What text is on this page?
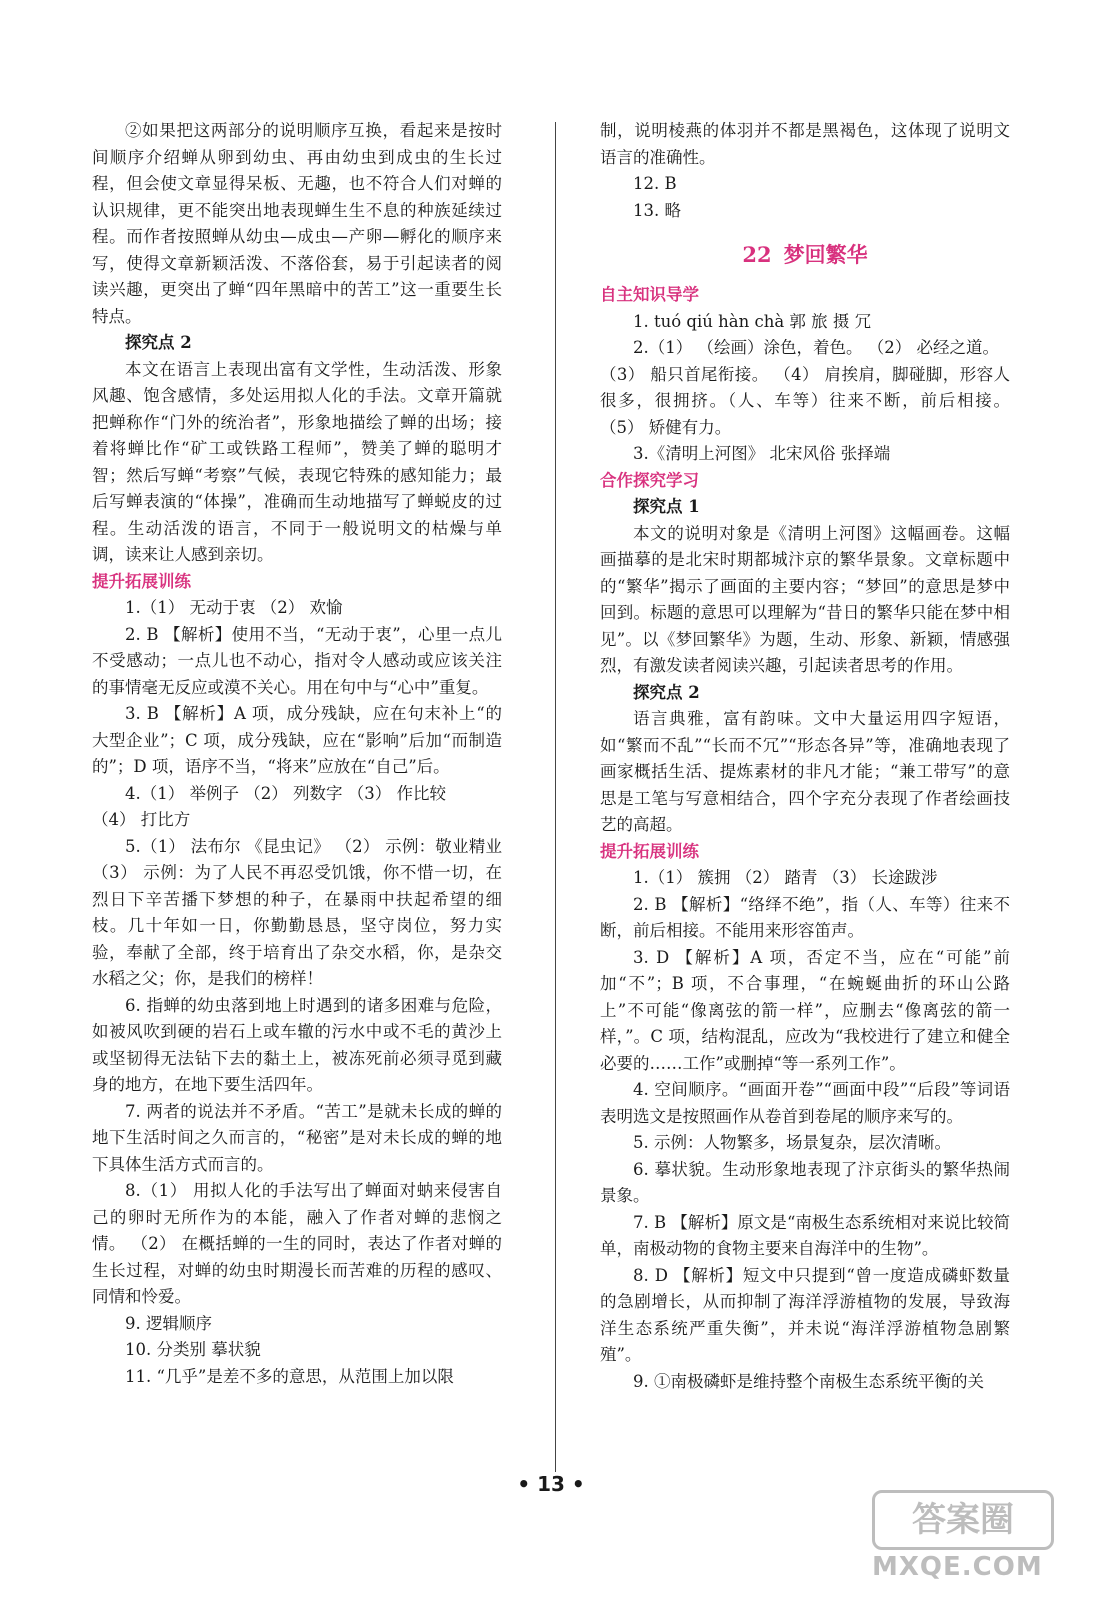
②如果把这两部分的说明顺序互换，看起来是按时间顺序介绍蝉从卵到幼虫、再由幼虫到成虫的生长过程，但会使文章显得呆板、无趣，也不符合人们对蝉的认识规律，更不能突出地表现蝉生生不息的种族延续过程。而作者按照蝉从幼虫—成虫—产卵—孵化的顺序来写，使得文章新颖活泼、不落俗套，易于引起读者的阅读兴趣，更突出了蝉“四年黑暗中的苦工”这一重要生长特点。

探究点 2

本文在语言上表现出富有文学性，生动活泼、形象风趣、饱含感情，多处运用拟人化的手法。文章开篇就把蝉称作“门外的统治者”，形象地描绘了蝉的出场；接着将蝉比作“矿工或铁路工程师”，赞美了蝉的聪明才智；然后写蝉“考察”气候，表现它特殊的感知能力；最后写蝉表演的“体操”，准确而生动地描写了蝉蜕皮的过程。生动活泼的语言，不同于一般说明文的枯燥与单调，读来让人感到亲切。

提升拓展训练

1.（1） 无动于衷 （2） 欢愉

2. B 【解析】使用不当，“无动于衷”，心里一点儿不受感动；一点儿也不动心，指对令人感动或应该关注的事情毫无反应或漠不关心。用在句中与“心中”重复。

3. B 【解析】A 项，成分残缺，应在句末补上“的大型企业”；C 项，成分残缺，应在“影响”后加“而制造的”；D 项，语序不当，“将来”应放在“自己”后。

4.（1） 举例子 （2） 列数字 （3） 作比较

（4） 打比方

5.（1） 法布尔 《昆虫记》 （2） 示例：敬业精业 （3） 示例：为了人民不再忍受饥饿，你不惜一切，在烈日下辛苦播下梦想的种子，在暴雨中扶起希望的细枝。几十年如一日，你勤勤恳恳，坚守岗位，努力实验，奉献了全部，终于培育出了杂交水稻，你，是杂交水稻之父；你，是我们的榜样！

6. 指蝉的幼虫落到地上时遇到的诸多困难与危险，如被风吹到硬的岩石上或车辙的污水中或不毛的黄沙上或坚韧得无法钻下去的黏土上，被冻死前必须寻觅到藏身的地方，在地下要生活四年。

7. 两者的说法并不矛盾。“苦工”是就未长成的蝉的地下生活时间之久而言的，“秘密”是对未长成的蝉的地下具体生活方式而言的。

8.（1） 用拟人化的手法写出了蝉面对蚋来侵害自己的卵时无所作为的本能，融入了作者对蝉的悲悯之情。 （2） 在概括蝉的一生的同时，表达了作者对蝉的生长过程，对蝉的幼虫时期漫长而苦难的历程的感叹、同情和怜爱。

9. 逻辑顺序

10. 分类别 摹状貌

11. “几乎”是差不多的意思，从范围上加以限

制，说明棱燕的体羽并不都是黑褐色，这体现了说明文语言的准确性。

12. B

13. 略

22 梦回繁华

自主知识导学

1. tuó qiú hàn chà 郭 旅 摄 冗

2.（1） （绘画）涂色，着色。 （2） 必经之道。

（3） 船只首尾衔接。 （4） 肩挨肩，脚碰脚，形容人很多，很拥挤。（人、车等）往来不断，前后相接。 （5） 矫健有力。

3.《清明上河图》 北宋风俗 张择端

合作探究学习

探究点 1

本文的说明对象是《清明上河图》这幅画卷。这幅画描摹的是北宋时期都城汴京的繁华景象。文章标题中的“繁华”揭示了画面的主要内容；“梦回”的意思是梦中回到。标题的意思可以理解为“昔日的繁华只能在梦中相见”。以《梦回繁华》为题，生动、形象、新颖，情感强烈，有激发读者阅读兴趣，引起读者思考的作用。

探究点 2

语言典雅，富有韵味。文中大量运用四字短语，如“繁而不乱”“长而不冗”“形态各异”等，准确地表现了画家概括生活、提炼素材的非凡才能；“兼工带写”的意思是工笔与写意相结合，四个字充分表现了作者绘画技艺的高超。

提升拓展训练

1.（1） 簇拥 （2） 踏青 （3） 长途跋涉

2. B 【解析】“络绎不绝”，指（人、车等）往来不断，前后相接。不能用来形容笛声。

3. D 【解析】A 项，否定不当，应在“可能”前加“不”；B 项，不合事理，“在蜿蜒曲折的环山公路上”不可能“像离弦的箭一样”，应删去“像离弦的箭一样，”。C 项，结构混乱，应改为“我校进行了建立和健全必要的……工作”或删掉“等一系列工作”。

4. 空间顺序。“画面开卷”“画面中段”“后段”等词语表明选文是按照画作从卷首到卷尾的顺序来写的。

5. 示例：人物繁多，场景复杂，层次清晰。

6. 摹状貌。生动形象地表现了汴京街头的繁华热闹景象。

7. B 【解析】原文是“南极生态系统相对来说比较简单，南极动物的食物主要来自海洋中的生物”。

8. D 【解析】短文中只提到“曾一度造成磷虾数量的急剧增长，从而抑制了海洋浮游植物的发展，导致海洋生态系统严重失衡”，并未说“海洋浮游植物急剧繁殖”。

9. ①南极磷虾是维持整个南极生态系统平衡的关

• 13 •
答案圈
MXQE.COM
